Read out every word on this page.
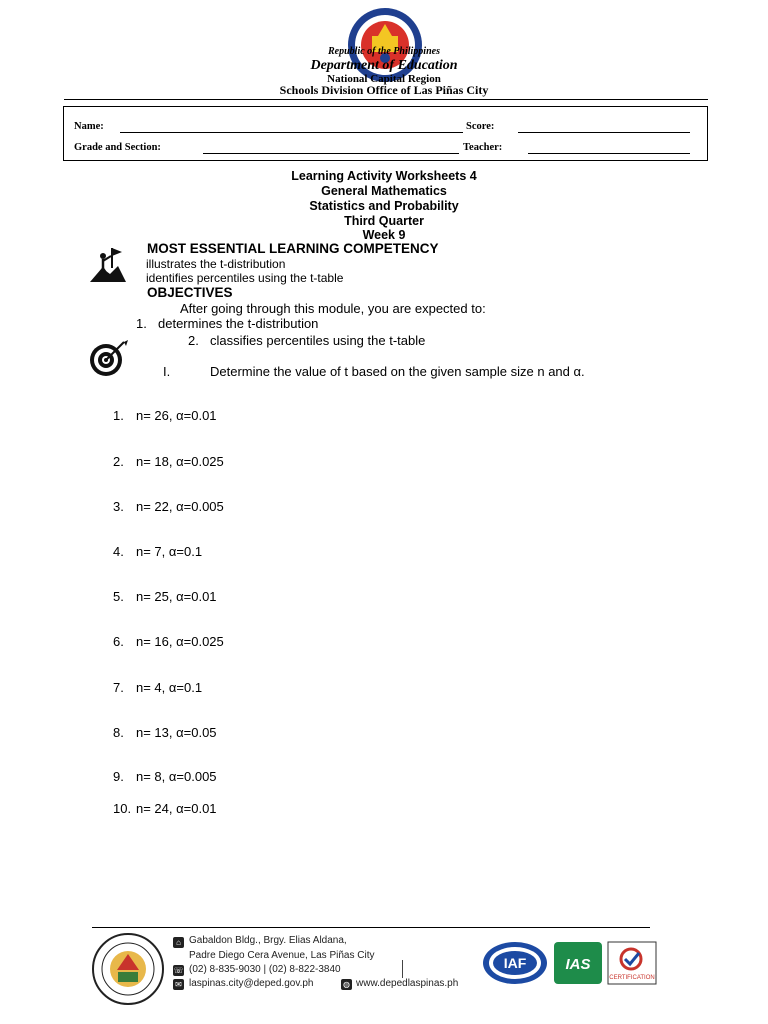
Republic of the Philippines
Department of Education
National Capital Region
Schools Division Office of Las Piñas City
Name:	Score:
Grade and Section:	Teacher:
Learning Activity Worksheets 4
General Mathematics
Statistics and Probability
Third Quarter
Week 9
MOST ESSENTIAL LEARNING COMPETENCY
illustrates the t-distribution
identifies percentiles using the t-table
OBJECTIVES
After going through this module, you are expected to:
1. determines the t-distribution
2. classifies percentiles using the t-table
I.	Determine the value of t based on the given sample size n and α.
1. n= 26, α=0.01
2. n= 18, α=0.025
3. n= 22, α=0.005
4. n= 7, α=0.1
5. n= 25, α=0.01
6. n= 16, α=0.025
7. n= 4, α=0.1
8. n= 13, α=0.05
9. n= 8, α=0.005
10. n= 24, α=0.01
⌂ Gabaldon Bldg., Brgy. Elias Aldana,
Padre Diego Cera Avenue, Las Piñas City
☏ (02) 8-835-9030 | (02) 8-822-3840
✉ laspinas.city@deped.gov.ph	◍ www.depedlaspinas.ph
IAF	IAS
CERTIFICATION
